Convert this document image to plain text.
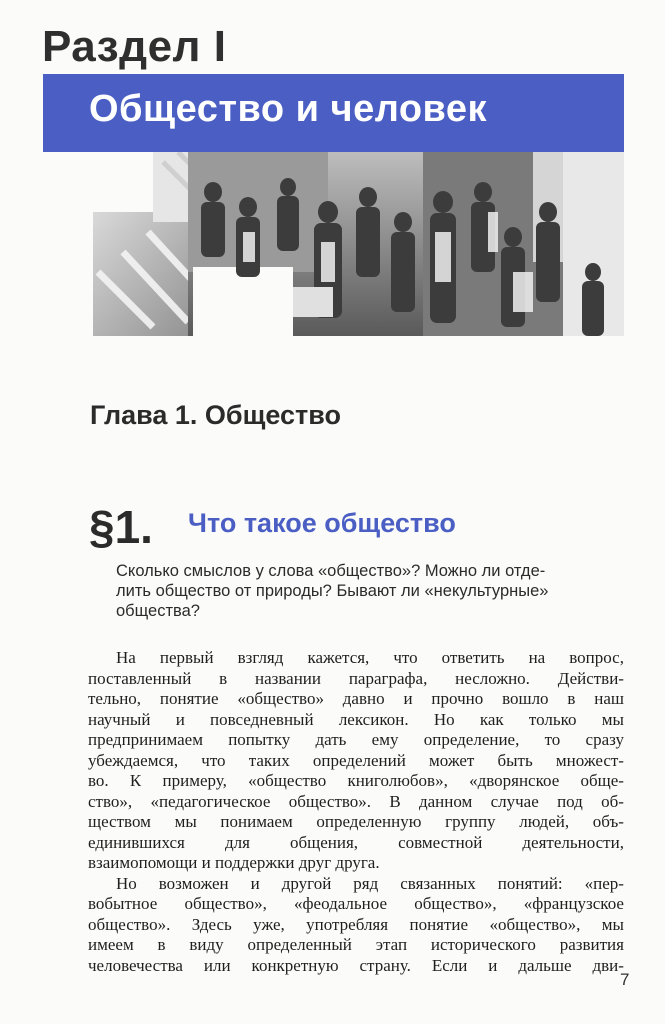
Раздел I
Общество и человек
Глава 1. Общество
§1. Что такое общество
Сколько смыслов у слова «общество»? Можно ли отде-
лить общество от природы? Бывают ли «некультурные»
общества?
На первый взгляд кажется, что ответить на вопрос,
поставленный в названии параграфа, несложно. Действи-
тельно, понятие «общество» давно и прочно вошло в наш
научный и повседневный лексикон. Но как только мы
предпринимаем попытку дать ему определение, то сразу
убеждаемся, что таких определений может быть множест-
во. К примеру, «общество книголюбов», «дворянское обще-
ство», «педагогическое общество». В данном случае под об-
ществом мы понимаем определенную группу людей, объ-
единившихся для общения, совместной деятельности,
взаимопомощи и поддержки друг друга.
Но возможен и другой ряд связанных понятий: «пер-
вобытное общество», «феодальное общество», «французское
общество». Здесь уже, употребляя понятие «общество», мы
имеем в виду определенный этап исторического развития
человечества или конкретную страну. Если и дальше дви-
7
